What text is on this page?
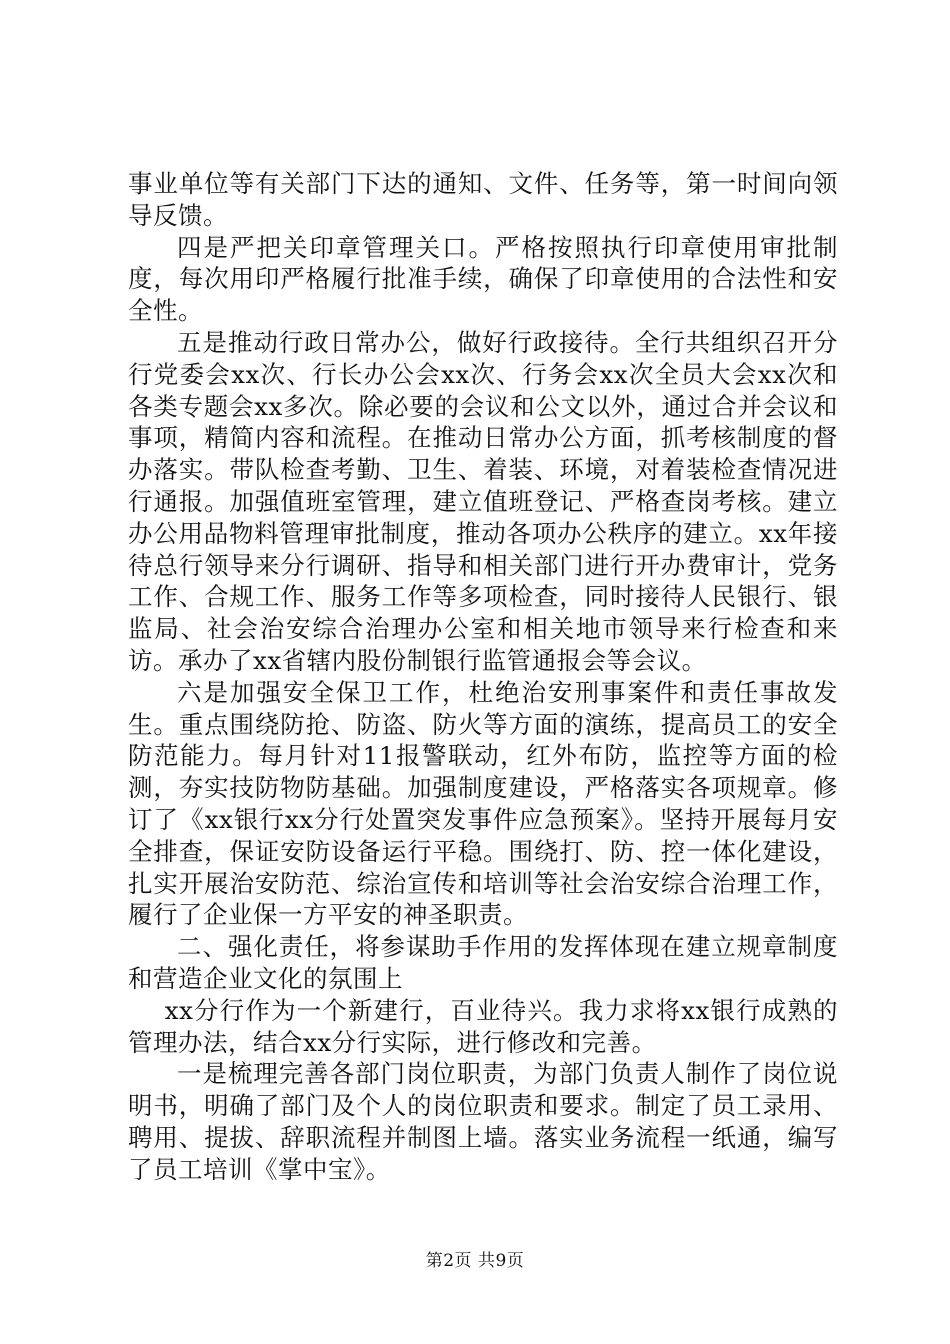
事业单位等有关部门下达的通知、文件、任务等，第一时间向领导反馈。

四是严把关印章管理关口。严格按照执行印章使用审批制度，每次用印严格履行批准手续，确保了印章使用的合法性和安全性。

五是推动行政日常办公，做好行政接待。全行共组织召开分行党委会xx次、行长办公会xx次、行务会xx次全员大会xx次和各类专题会xx多次。除必要的会议和公文以外，通过合并会议和事项，精简内容和流程。在推动日常办公方面，抓考核制度的督办落实。带队检查考勤、卫生、着装、环境，对着装检查情况进行通报。加强值班室管理，建立值班登记、严格查岗考核。建立办公用品物料管理审批制度，推动各项办公秩序的建立。xx年接待总行领导来分行调研、指导和相关部门进行开办费审计，党务工作、合规工作、服务工作等多项检查，同时接待人民银行、银监局、社会治安综合治理办公室和相关地市领导来行检查和来访。承办了xx省辖内股份制银行监管通报会等会议。

六是加强安全保卫工作，杜绝治安刑事案件和责任事故发生。重点围绕防抢、防盗、防火等方面的演练，提高员工的安全防范能力。每月针对11报警联动，红外布防，监控等方面的检测，夯实技防物防基础。加强制度建设，严格落实各项规章。修订了《xx银行xx分行处置突发事件应急预案》。坚持开展每月安全排查，保证安防设备运行平稳。围绕打、防、控一体化建设，扎实开展治安防范、综治宣传和培训等社会治安综合治理工作，履行了企业保一方平安的神圣职责。

二、强化责任，将参谋助手作用的发挥体现在建立规章制度和营造企业文化的氛围上

xx分行作为一个新建行，百业待兴。我力求将xx银行成熟的管理办法，结合xx分行实际，进行修改和完善。

一是梳理完善各部门岗位职责，为部门负责人制作了岗位说明书，明确了部门及个人的岗位职责和要求。制定了员工录用、聘用、提拔、辞职流程并制图上墙。落实业务流程一纸通，编写了员工培训《掌中宝》。

第2页 共9页
